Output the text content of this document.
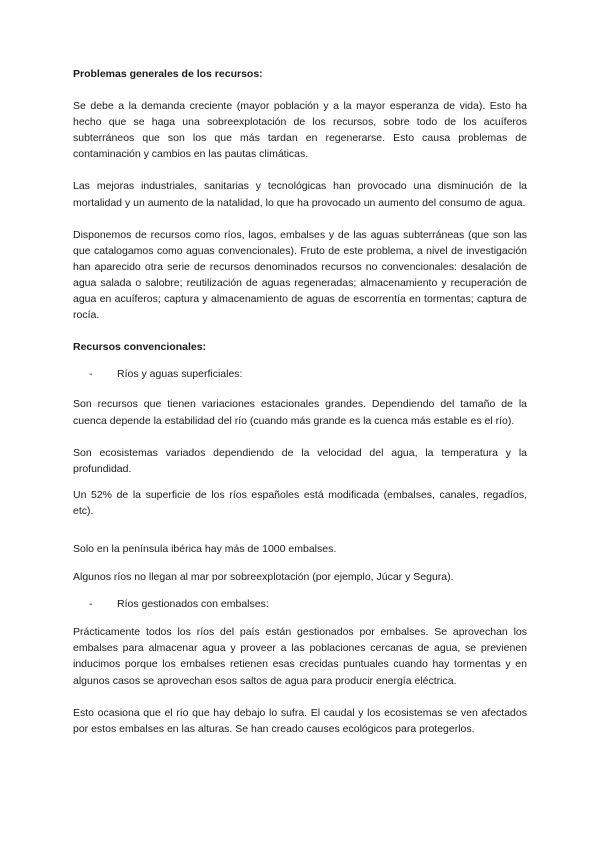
Problemas generales de los recursos:

Se debe a la demanda creciente (mayor población y a la mayor esperanza de vida). Esto ha hecho que se haga una sobreexplotación de los recursos, sobre todo de los acuíferos subterráneos que son los que más tardan en regenerarse. Esto causa problemas de contaminación y cambios en las pautas climáticas.

Las mejoras industriales, sanitarias y tecnológicas han provocado una disminución de la mortalidad y un aumento de la natalidad, lo que ha provocado un aumento del consumo de agua.

Disponemos de recursos como ríos, lagos, embalses y de las aguas subterráneas (que son las que catalogamos como aguas convencionales). Fruto de este problema, a nivel de investigación han aparecido otra serie de recursos denominados recursos no convencionales: desalación de agua salada o salobre; reutilización de aguas regeneradas; almacenamiento y recuperación de agua en acuíferos; captura y almacenamiento de aguas de escorrentía en tormentas; captura de rocía.

Recursos convencionales:

-	Ríos y aguas superficiales:

Son recursos que tienen variaciones estacionales grandes. Dependiendo del tamaño de la cuenca depende la estabilidad del río (cuando más grande es la cuenca más estable es el río).

Son ecosistemas variados dependiendo de la velocidad del agua, la temperatura y la profundidad.

Un 52% de la superficie de los ríos españoles está modificada (embalses, canales, regadíos, etc).

Solo en la península ibérica hay más de 1000 embalses.

Algunos ríos no llegan al mar por sobreexplotación (por ejemplo, Júcar y Segura).

-	Ríos gestionados con embalses:

Prácticamente todos los ríos del país están gestionados por embalses. Se aprovechan los embalses para almacenar agua y proveer a las poblaciones cercanas de agua, se previenen inducimos porque los embalses retienen esas crecidas puntuales cuando hay tormentas y en algunos casos se aprovechan esos saltos de agua para producir energía eléctrica.

Esto ocasiona que el río que hay debajo lo sufra. El caudal y los ecosistemas se ven afectados por estos embalses en las alturas. Se han creado causes ecológicos para protegerlos.
